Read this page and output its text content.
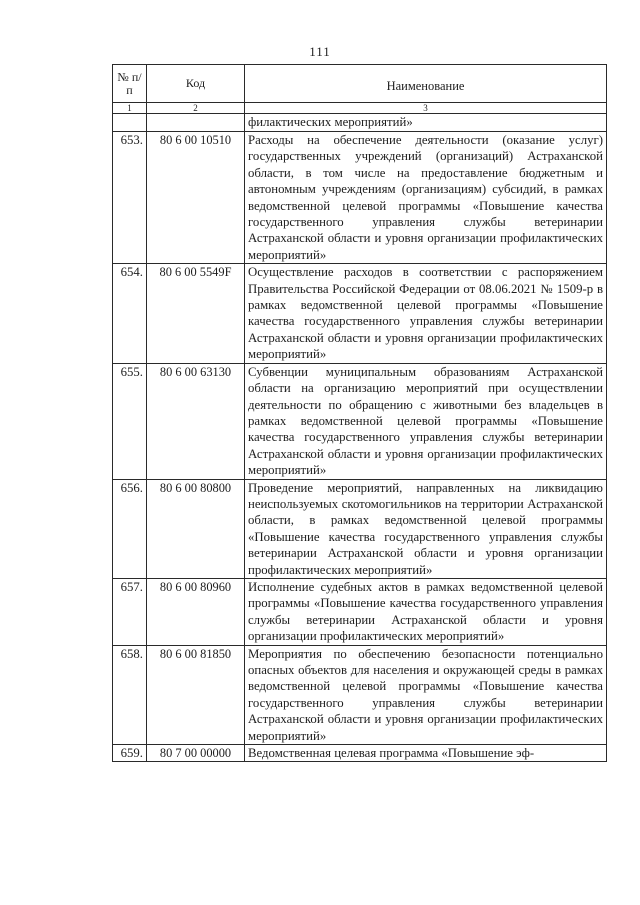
111
№ п/п	Код	Наименование
1	2	3
		филактических мероприятий»
653.	80 6 00 10510	Расходы на обеспечение деятельности (оказание услуг) государственных учреждений (организаций) Астраханской области, в том числе на предоставление бюджетным и автономным учреждениям (организациям) субсидий, в рамках ведомственной целевой программы «Повышение качества государственного управления службы ветеринарии Астраханской области и уровня организации профилактических мероприятий»
654.	80 6 00 5549F	Осуществление расходов в соответствии с распоряжением Правительства Российской Федерации от 08.06.2021 № 1509-р в рамках ведомственной целевой программы «Повышение качества государственного управления службы ветеринарии Астраханской области и уровня организации профилактических мероприятий»
655.	80 6 00 63130	Субвенции муниципальным образованиям Астраханской области на организацию мероприятий при осуществлении деятельности по обращению с животными без владельцев в рамках ведомственной целевой программы «Повышение качества государственного управления службы ветеринарии Астраханской области и уровня организации профилактических мероприятий»
656.	80 6 00 80800	Проведение мероприятий, направленных на ликвидацию неиспользуемых скотомогильников на территории Астраханской области, в рамках ведомственной целевой программы «Повышение качества государственного управления службы ветеринарии Астраханской области и уровня организации профилактических мероприятий»
657.	80 6 00 80960	Исполнение судебных актов в рамках ведомственной целевой программы «Повышение качества государственного управления службы ветеринарии Астраханской области и уровня организации профилактических мероприятий»
658.	80 6 00 81850	Мероприятия по обеспечению безопасности потенциально опасных объектов для населения и окружающей среды в рамках ведомственной целевой программы «Повышение качества государственного управления службы ветеринарии Астраханской области и уровня организации профилактических мероприятий»
659.	80 7 00 00000	Ведомственная целевая программа «Повышение эф-
